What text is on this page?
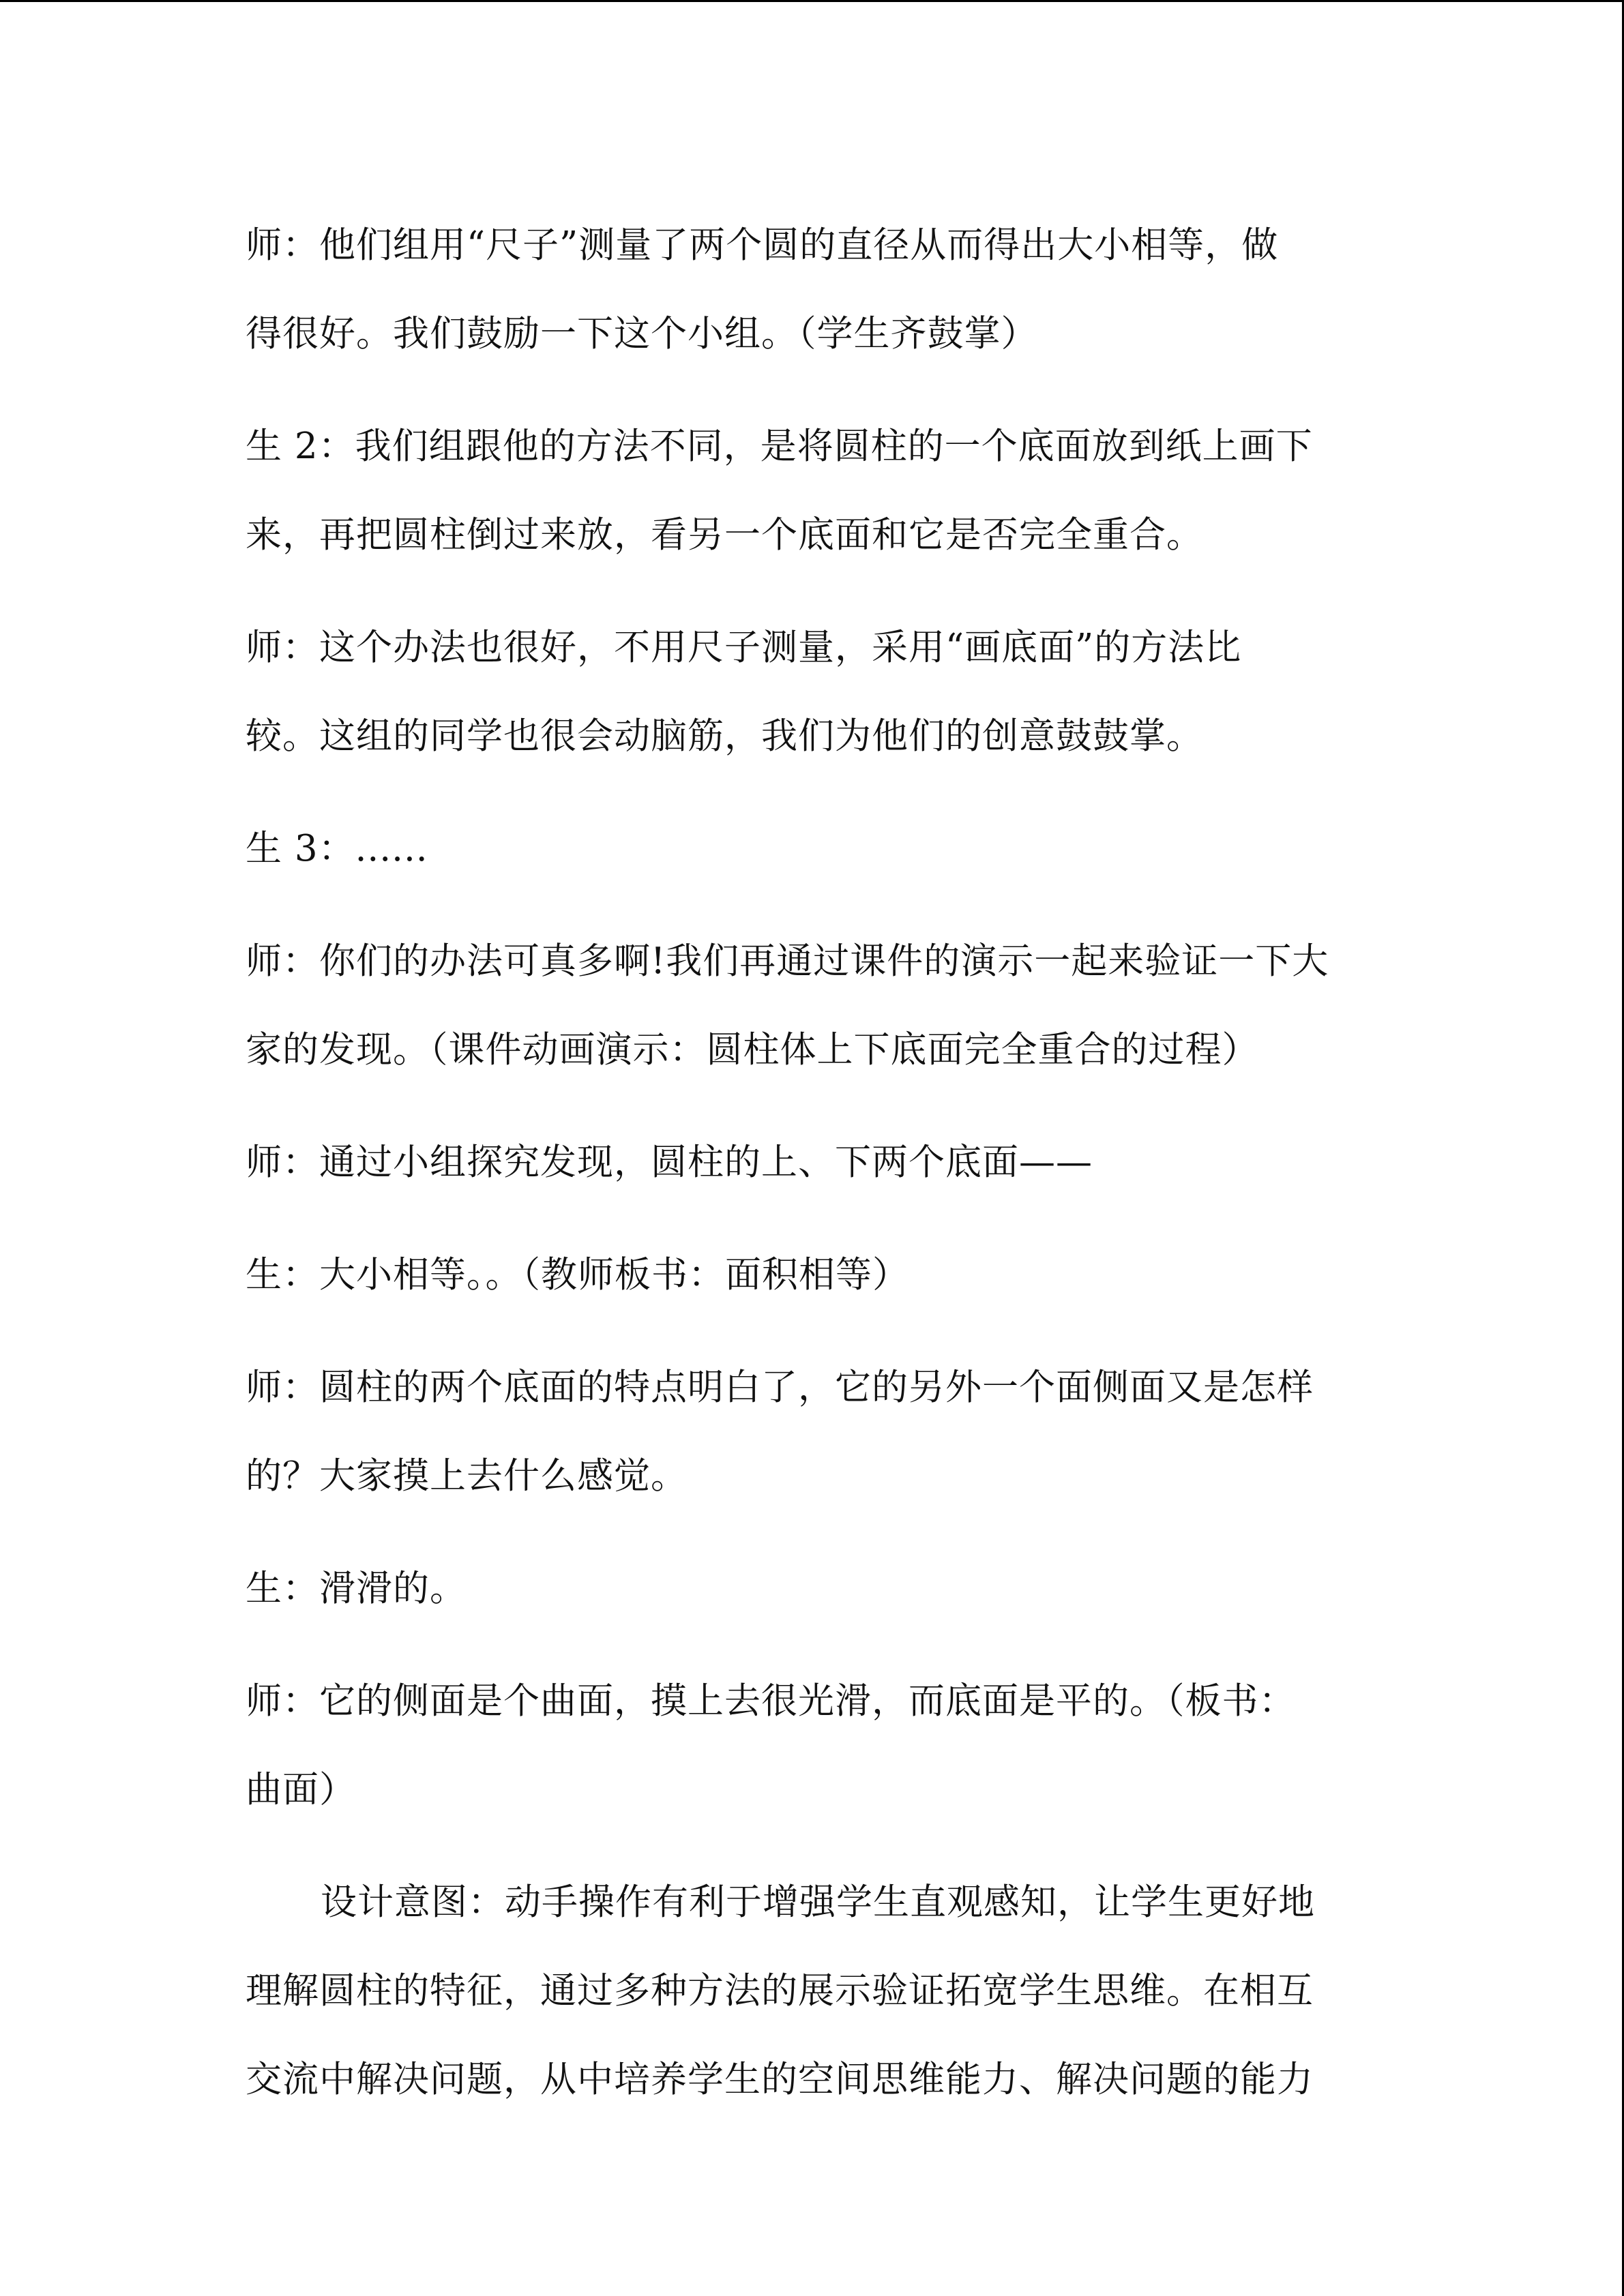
师：他们组用“尺子”测量了两个圆的直径从而得出大小相等，做
得很好。我们鼓励一下这个小组。（学生齐鼓掌）

生 2：我们组跟他的方法不同，是将圆柱的一个底面放到纸上画下
来，再把圆柱倒过来放，看另一个底面和它是否完全重合。

师：这个办法也很好，不用尺子测量，采用“画底面”的方法比
较。这组的同学也很会动脑筋，我们为他们的创意鼓鼓掌。

生 3：......

师：你们的办法可真多啊!我们再通过课件的演示一起来验证一下大
家的发现。（课件动画演示：圆柱体上下底面完全重合的过程）

师：通过小组探究发现，圆柱的上、下两个底面——

生：大小相等。。（教师板书：面积相等）

师：圆柱的两个底面的特点明白了，它的另外一个面侧面又是怎样
的？大家摸上去什么感觉。

生：滑滑的。

师：它的侧面是个曲面，摸上去很光滑，而底面是平的。（板书：
曲面）

设计意图：动手操作有利于增强学生直观感知，让学生更好地
理解圆柱的特征，通过多种方法的展示验证拓宽学生思维。在相互
交流中解决问题，从中培养学生的空间思维能力、解决问题的能力
